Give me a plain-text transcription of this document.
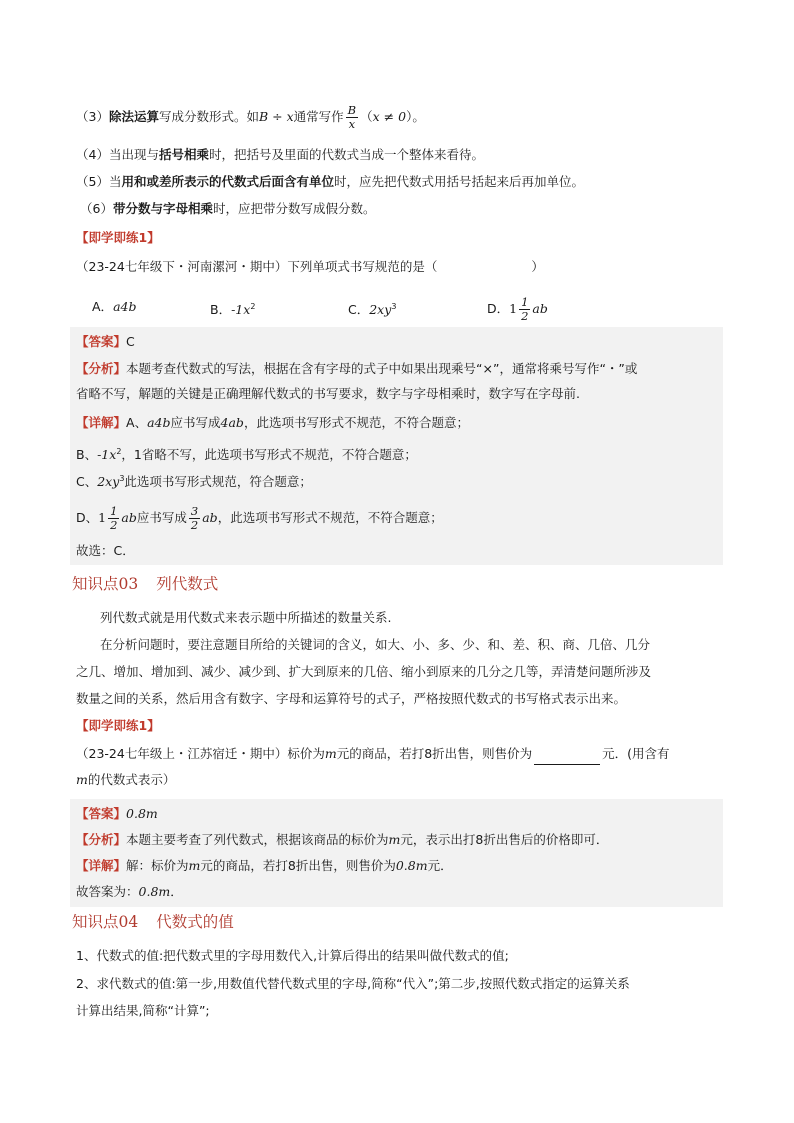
（3）除法运算写成分数形式。如B ÷ x通常写作 $\frac{B}{x} (x \ne 0)$。
（4）当出现与括号相乘时，把括号及里面的代数式当成一个整体来看待。
（5）当用和或差所表示的代数式后面含有单位时，应先把代数式用括号括起来后再加单位。
（6）带分数与字母相乘时，应把带分数写成假分数。
【即学即练1】
（23-24七年级下・河南漯河・期中）下列单项式书写规范的是（	）
A．a4b	B．$-1x^2$	C．$2xy^3$	D．$1 \frac{1}{2}$ ab
【答案】C
【分析】本题考查代数式的写法，根据在含有字母的式子中如果出现乘号“×”，通常将乘号写作“・”或
省略不写，解题的关键是正确理解代数式的书写要求，数字与字母相乘时，数字写在字母前.
【详解】A、a4b应书写成4ab，此选项书写形式不规范，不符合题意；
B、$-1x^2$，1省略不写，此选项书写形式不规范，不符合题意；
C、$2xy^3$此选项书写形式规范，符合题意；
D、$1 \frac{1}{2}$ ab应书写成 $\frac{3}{2}$ ab，此选项书写形式不规范，不符合题意；
故选：C．
知识点03 列代数式
列代数式就是用代数式来表示题中所描述的数量关系.
在分析问题时，要注意题目所给的关键词的含义，如大、小、多、少、和、差、积、商、几倍、几分
之几、增加、增加到、减少、减少到、扩大到原来的几倍、缩小到原来的几分之几等，弄清楚问题所涉及
数量之间的关系，然后用含有数字、字母和运算符号的式子，严格按照代数式的书写格式表示出来。
【即学即练1】
（23-24七年级上・江苏宿迁・期中）标价为m元的商品，若打8折出售，则售价为	元．(用含有
m的代数式表示）
【答案】0.8m
【分析】本题主要考查了列代数式，根据该商品的标价为m元，表示出打8折出售后的价格即可．
【详解】解：标价为m元的商品，若打8折出售，则售价为0.8m元．
故答案为：0.8m．
知识点04 代数式的值
1、代数式的值:把代数式里的字母用数代入,计算后得出的结果叫做代数式的值;
2、求代数式的值:第一步,用数值代替代数式里的字母,简称“代入”;第二步,按照代数式指定的运算关系
计算出结果,简称“计算”;
